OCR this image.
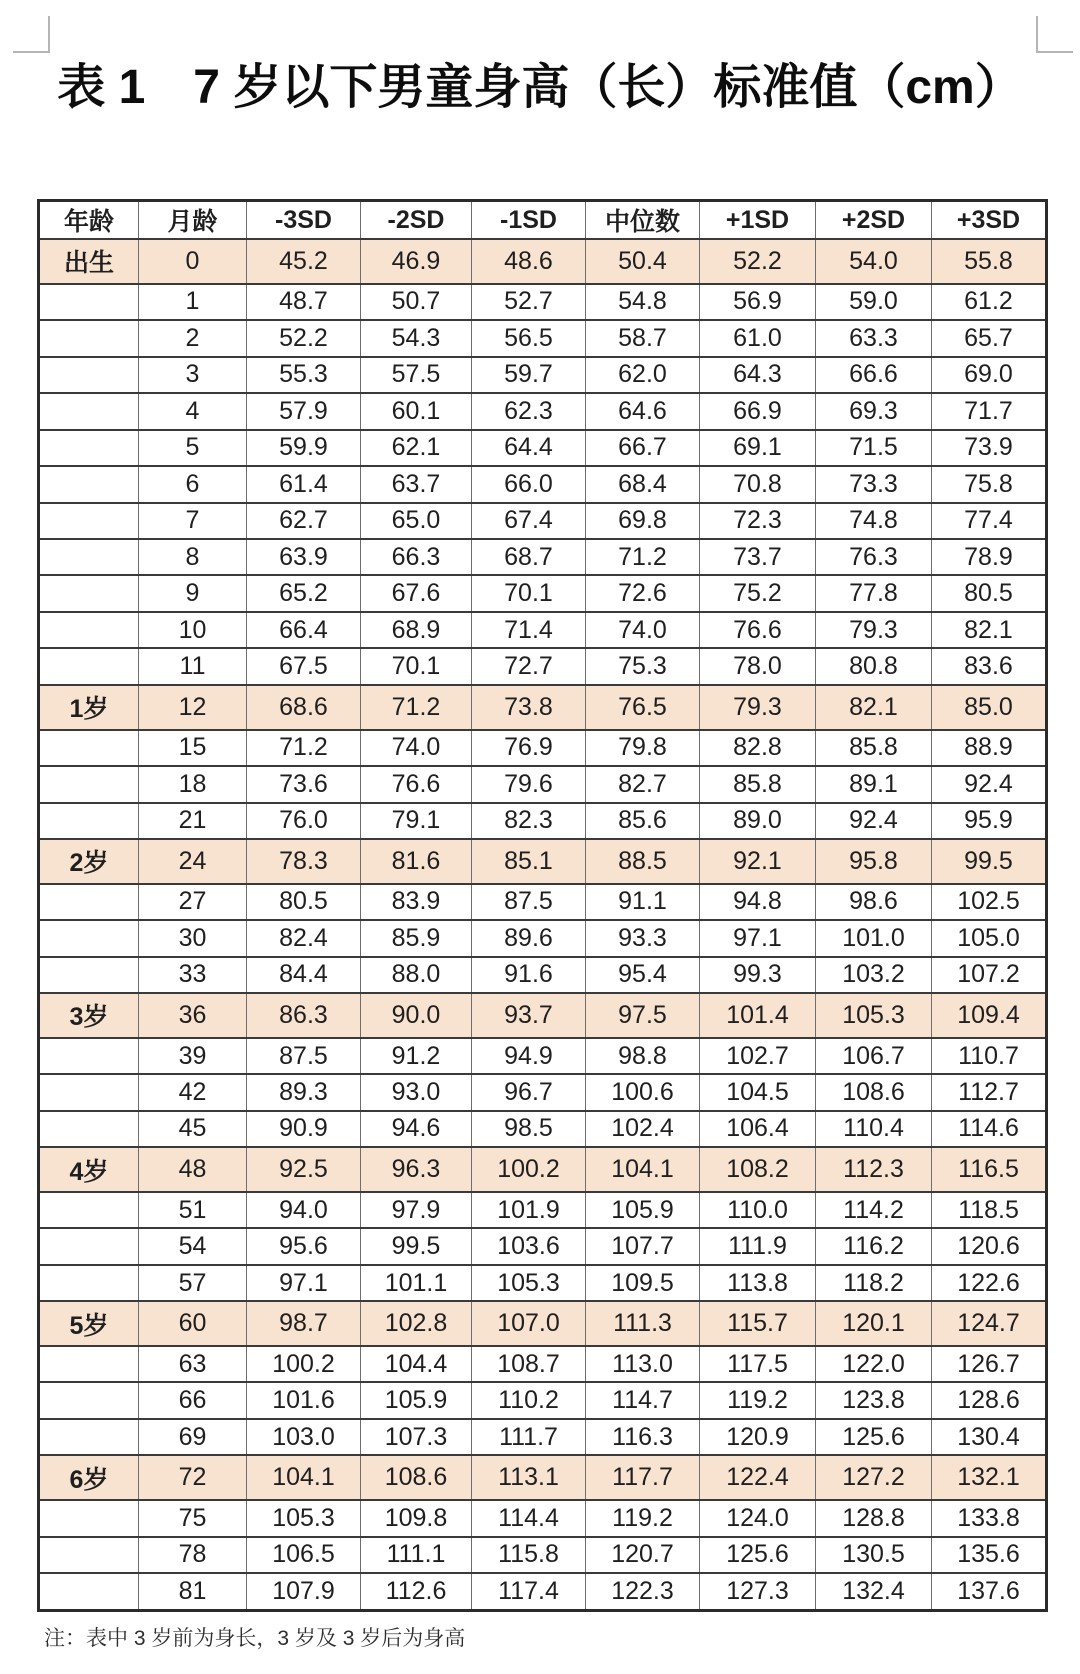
表 1　7 岁以下男童身高（长）标准值（cm）
年龄	月龄	-3SD	-2SD	-1SD	中位数	+1SD	+2SD	+3SD
出生	0	45.2	46.9	48.6	50.4	52.2	54.0	55.8
	1	48.7	50.7	52.7	54.8	56.9	59.0	61.2
	2	52.2	54.3	56.5	58.7	61.0	63.3	65.7
	3	55.3	57.5	59.7	62.0	64.3	66.6	69.0
	4	57.9	60.1	62.3	64.6	66.9	69.3	71.7
	5	59.9	62.1	64.4	66.7	69.1	71.5	73.9
	6	61.4	63.7	66.0	68.4	70.8	73.3	75.8
	7	62.7	65.0	67.4	69.8	72.3	74.8	77.4
	8	63.9	66.3	68.7	71.2	73.7	76.3	78.9
	9	65.2	67.6	70.1	72.6	75.2	77.8	80.5
	10	66.4	68.9	71.4	74.0	76.6	79.3	82.1
	11	67.5	70.1	72.7	75.3	78.0	80.8	83.6
1岁	12	68.6	71.2	73.8	76.5	79.3	82.1	85.0
	15	71.2	74.0	76.9	79.8	82.8	85.8	88.9
	18	73.6	76.6	79.6	82.7	85.8	89.1	92.4
	21	76.0	79.1	82.3	85.6	89.0	92.4	95.9
2岁	24	78.3	81.6	85.1	88.5	92.1	95.8	99.5
	27	80.5	83.9	87.5	91.1	94.8	98.6	102.5
	30	82.4	85.9	89.6	93.3	97.1	101.0	105.0
	33	84.4	88.0	91.6	95.4	99.3	103.2	107.2
3岁	36	86.3	90.0	93.7	97.5	101.4	105.3	109.4
	39	87.5	91.2	94.9	98.8	102.7	106.7	110.7
	42	89.3	93.0	96.7	100.6	104.5	108.6	112.7
	45	90.9	94.6	98.5	102.4	106.4	110.4	114.6
4岁	48	92.5	96.3	100.2	104.1	108.2	112.3	116.5
	51	94.0	97.9	101.9	105.9	110.0	114.2	118.5
	54	95.6	99.5	103.6	107.7	111.9	116.2	120.6
	57	97.1	101.1	105.3	109.5	113.8	118.2	122.6
5岁	60	98.7	102.8	107.0	111.3	115.7	120.1	124.7
	63	100.2	104.4	108.7	113.0	117.5	122.0	126.7
	66	101.6	105.9	110.2	114.7	119.2	123.8	128.6
	69	103.0	107.3	111.7	116.3	120.9	125.6	130.4
6岁	72	104.1	108.6	113.1	117.7	122.4	127.2	132.1
	75	105.3	109.8	114.4	119.2	124.0	128.8	133.8
	78	106.5	111.1	115.8	120.7	125.6	130.5	135.6
	81	107.9	112.6	117.4	122.3	127.3	132.4	137.6
注：表中 3 岁前为身长，3 岁及 3 岁后为身高
